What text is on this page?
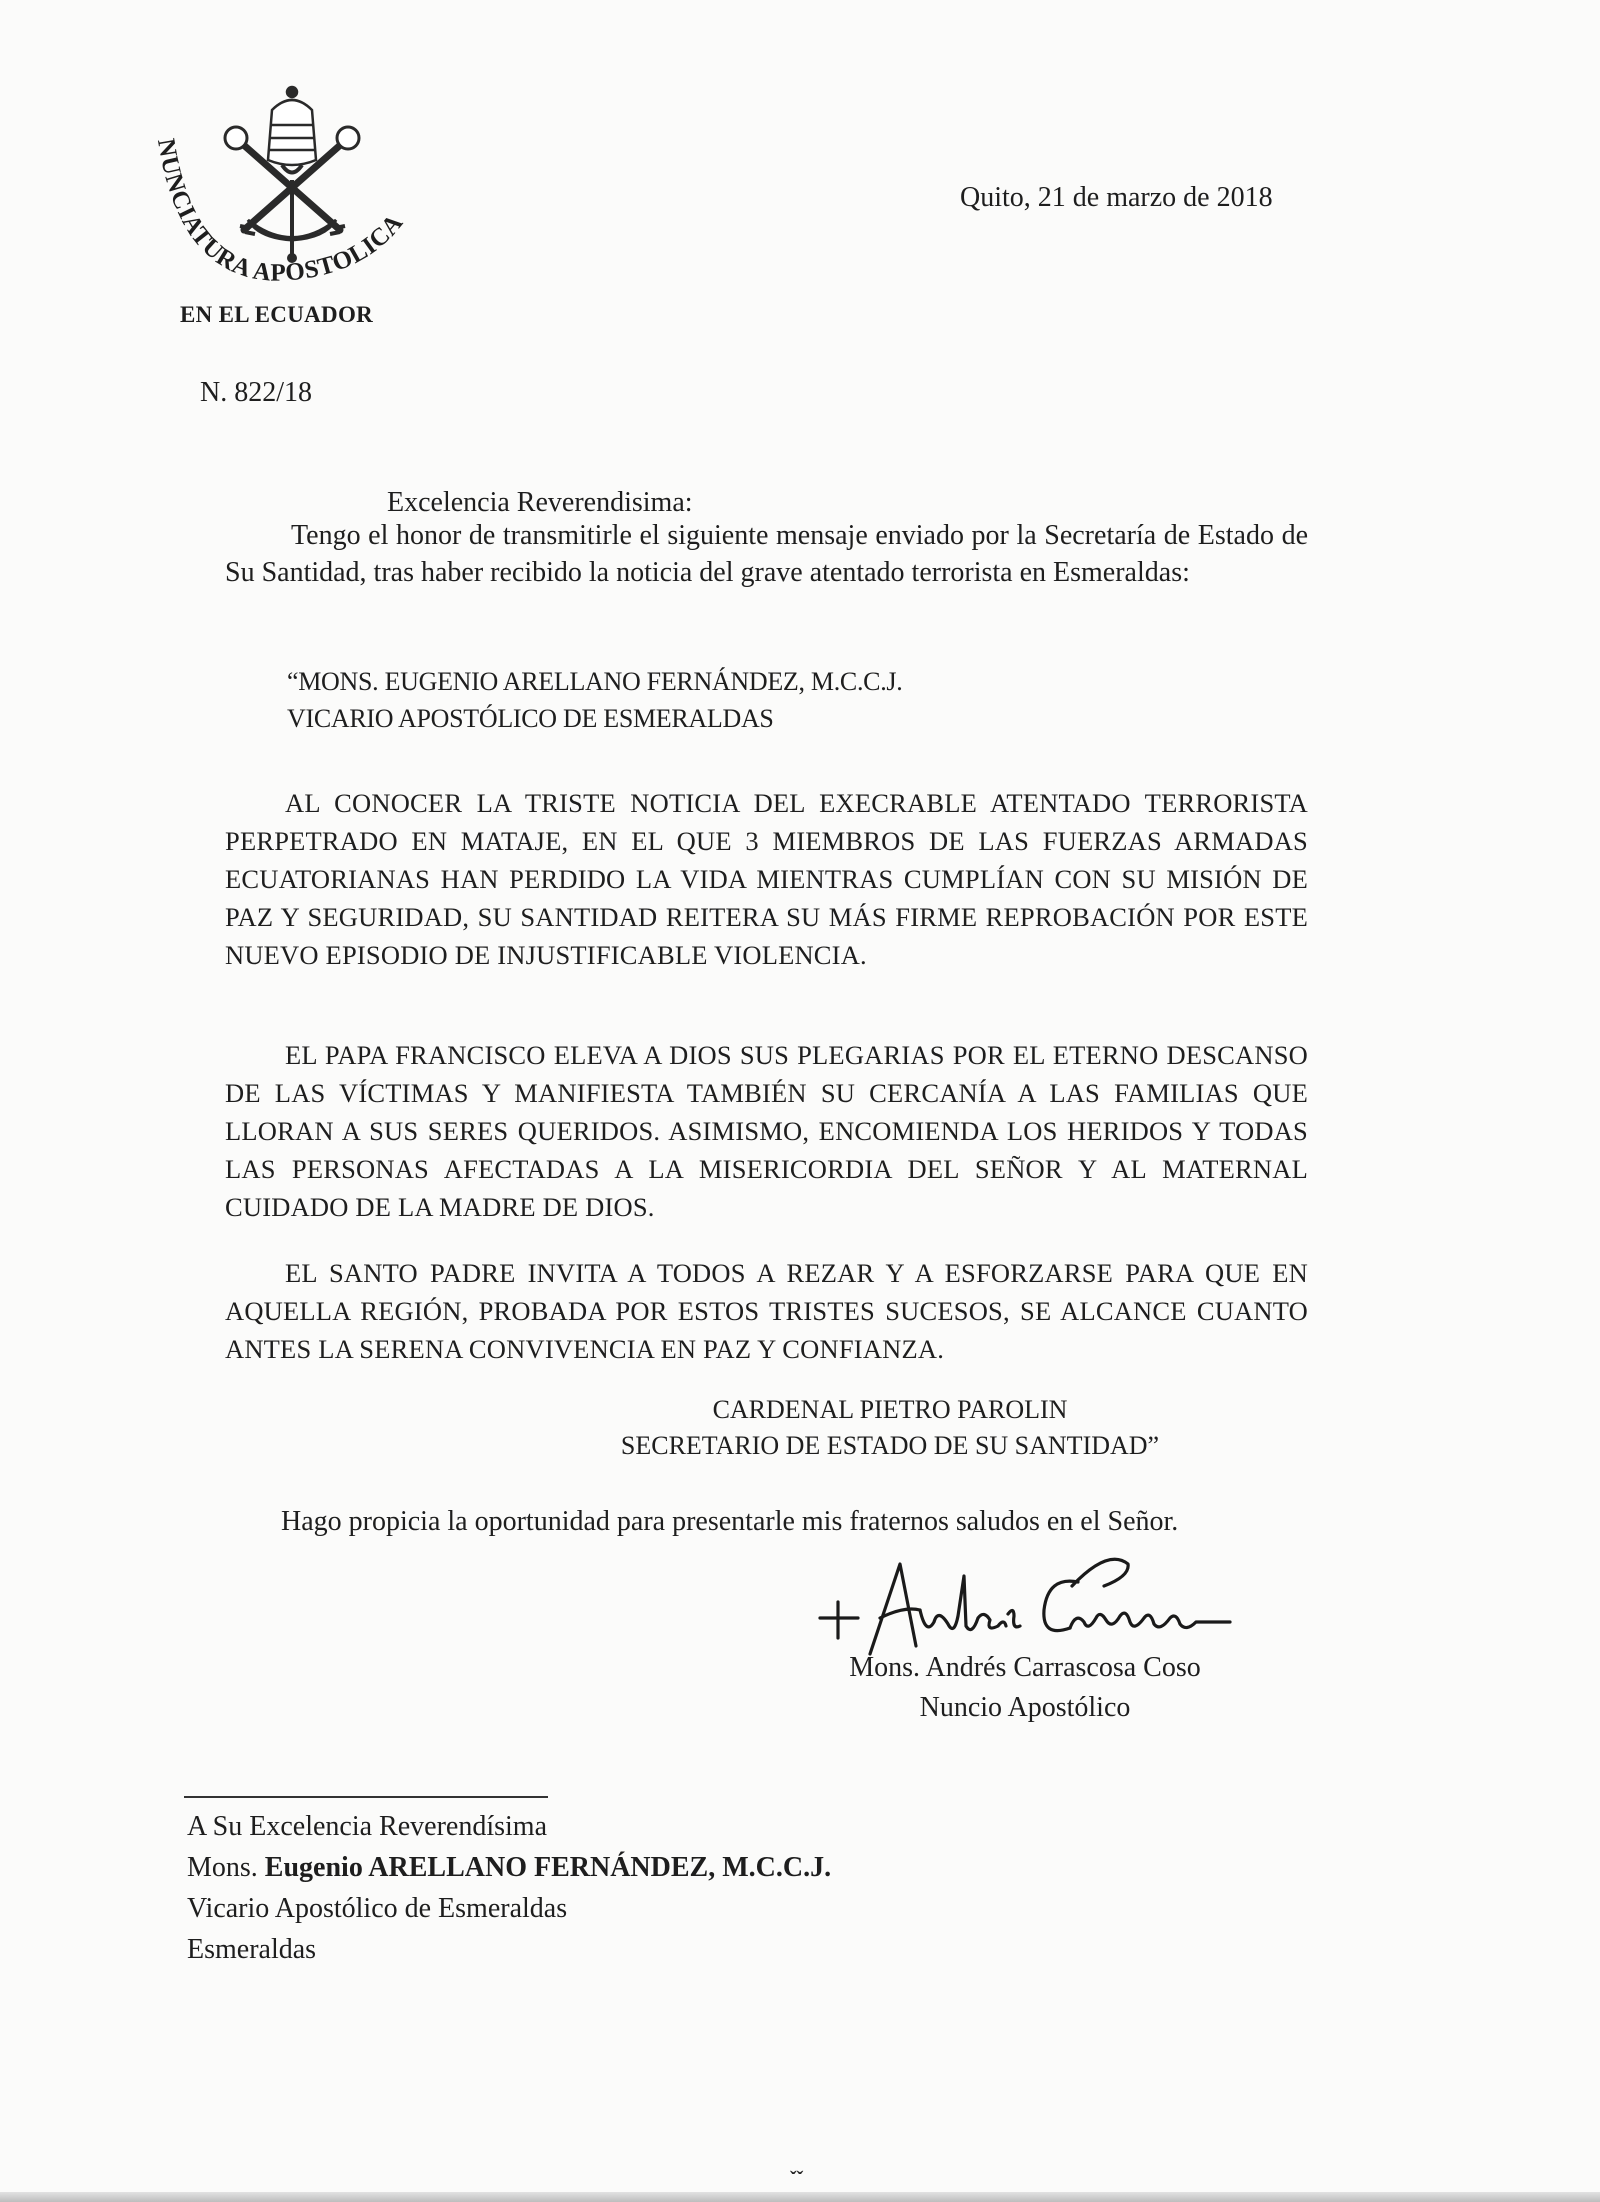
NUNCIATURA APOSTOLICA
EN EL ECUADOR
Quito, 21 de marzo de 2018
N. 822/18
Excelencia Reverendisima:
Tengo el honor de transmitirle el siguiente mensaje enviado por la Secretaría de Estado de Su Santidad, tras haber recibido la noticia del grave atentado terrorista en Esmeraldas:
“MONS. EUGENIO ARELLANO FERNÁNDEZ, M.C.C.J.
VICARIO APOSTÓLICO DE ESMERALDAS
AL CONOCER LA TRISTE NOTICIA DEL EXECRABLE ATENTADO TERRORISTA PERPETRADO EN MATAJE, EN EL QUE 3 MIEMBROS DE LAS FUERZAS ARMADAS ECUATORIANAS HAN PERDIDO LA VIDA MIENTRAS CUMPLÍAN CON SU MISIÓN DE PAZ Y SEGURIDAD, SU SANTIDAD REITERA SU MÁS FIRME REPROBACIÓN POR ESTE NUEVO EPISODIO DE INJUSTIFICABLE VIOLENCIA.
EL PAPA FRANCISCO ELEVA A DIOS SUS PLEGARIAS POR EL ETERNO DESCANSO DE LAS VÍCTIMAS Y MANIFIESTA TAMBIÉN SU CERCANÍA A LAS FAMILIAS QUE LLORAN A SUS SERES QUERIDOS. ASIMISMO, ENCOMIENDA LOS HERIDOS Y TODAS LAS PERSONAS AFECTADAS A LA MISERICORDIA DEL SEÑOR Y AL MATERNAL CUIDADO DE LA MADRE DE DIOS.
EL SANTO PADRE INVITA A TODOS A REZAR Y A ESFORZARSE PARA QUE EN AQUELLA REGIÓN, PROBADA POR ESTOS TRISTES SUCESOS, SE ALCANCE CUANTO ANTES LA SERENA CONVIVENCIA EN PAZ Y CONFIANZA.
CARDENAL PIETRO PAROLIN
SECRETARIO DE ESTADO DE SU SANTIDAD”
Hago propicia la oportunidad para presentarle mis fraternos saludos en el Señor.
Mons. Andrés Carrascosa Coso
Nuncio Apostólico
A Su Excelencia Reverendísima
Mons. Eugenio ARELLANO FERNÁNDEZ, M.C.C.J.
Vicario Apostólico de Esmeraldas
Esmeraldas
ˇˇ
